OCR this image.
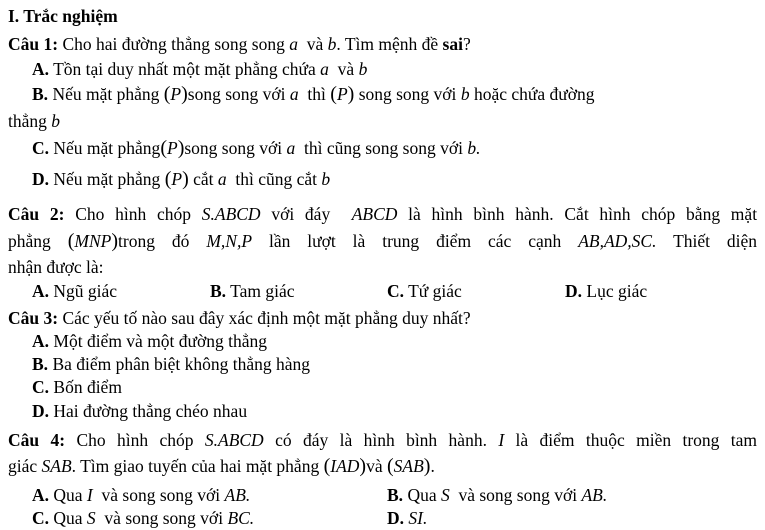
I. Trắc nghiệm
Câu 1: Cho hai đường thẳng song song a và b. Tìm mệnh đề sai?
A. Tồn tại duy nhất một mặt phẳng chứa a và b
B. Nếu mặt phẳng (P)song song với a thì (P) song song với b hoặc chứa đường
thẳng b
C. Nếu mặt phẳng(P)song song với a thì cũng song song với b.
D. Nếu mặt phẳng (P) cắt a thì cũng cắt b
Câu 2: Cho hình chóp S.ABCD với đáy ABCD là hình bình hành. Cắt hình chóp bằng mặt
phẳng (MNP)trong đó M,N,P lần lượt là trung điểm các cạnh AB,AD,SC. Thiết diện
nhận được là:
A. Ngũ giác	B. Tam giác	C. Tứ giác	D. Lục giác
Câu 3: Các yếu tố nào sau đây xác định một mặt phẳng duy nhất?
A. Một điểm và một đường thẳng
B. Ba điểm phân biệt không thẳng hàng
C. Bốn điểm
D. Hai đường thẳng chéo nhau
Câu 4: Cho hình chóp S.ABCD có đáy là hình bình hành. I là điểm thuộc miền trong tam
giác SAB. Tìm giao tuyến của hai mặt phẳng (IAD)và (SAB).
A. Qua I và song song với AB.	B. Qua S và song song với AB.
C. Qua S và song song với BC.	D. SI.
